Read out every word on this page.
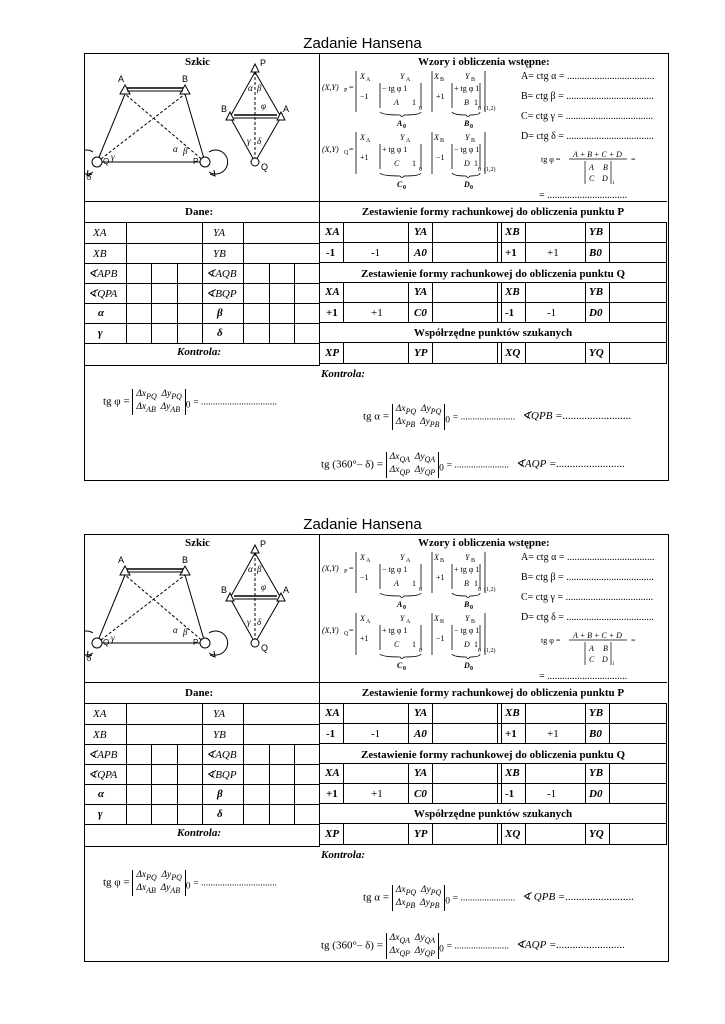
Zadanie Hansena
Szkic
A	B
Q	P
γ
α β
δ
P
B	A
Q
α β
φ
γ δ
Wzory i obliczenia wstępne:
(X,Y) P =
(X,Y) Q =
X A	Y A	X B	Y B
−1
− tg φ 1
A 1
0
+1
+ tg φ 1
B 1
0 (1,2)
A 0	B 0
X A	Y A	X B	Y B
+1
+ tg φ 1
C 1
0
−1
− tg φ 1
D 1
0 (1,2)
C 0	D 0
A= ctg α = ...................................
B= ctg β = ...................................
C= ctg γ = ...................................
D= ctg δ = ...................................
tg φ =
A + B + C + D
A B
C D
1
=
= ................................
Dane:
XA	YA
XB	YB
∢APB	∢AQB
∢QPA	∢BQP
α	β
γ	δ
Zestawienie formy rachunkowej do obliczenia punktu P
Zestawienie formy rachunkowej do obliczenia punktu Q
Współrzędne punktów szukanych
XA	YA	XB	YB
-1	-1	A0	+1	+1	B0
XA	YA	XB	YB
+1	+1	C0	-1	-1	D0
XP	YP	XQ	YQ
Kontrola:
tg $\varphi = \Delta x_{PQ}$  $\Delta y_{PQ}$
$\Delta x_{AB}$  $\Delta y_{AB}$ $_0$ = ................................
Kontrola:
tg $\alpha = \Delta x_{PQ}$  $\Delta y_{PQ}$
$\Delta x_{PB}$  $\Delta y_{PB}$ $_0$ = ....................... ∢QPB =.........................
tg (360°– $\delta) = \Delta x_{QA}$  $\Delta y_{QA}$
$\Delta x_{QP}$  $\Delta y_{QP}$ $_0$ = ....................... ∢AQP =.........................
Zadanie Hansena
Szkic
A	B
Q	P
γ
α β
δ
P
B	A
Q
α β
φ
γ δ
Wzory i obliczenia wstępne:
(X,Y) P =
(X,Y) Q =
X A	Y A	X B	Y B
−1
− tg φ 1
A 1
0
+1
+ tg φ 1
B 1
0 (1,2)
A 0	B 0
X A	Y A	X B	Y B
+1
+ tg φ 1
C 1
0
−1
− tg φ 1
D 1
0 (1,2)
C 0	D 0
A= ctg α = ...................................
B= ctg β = ...................................
C= ctg γ = ...................................
D= ctg δ = ...................................
tg φ =
A + B + C + D
A B
C D
1
=
= ................................
Dane:
XA	YA
XB	YB
∢APB	∢AQB
∢QPA	∢BQP
α	β
γ	δ
Zestawienie formy rachunkowej do obliczenia punktu P
Zestawienie formy rachunkowej do obliczenia punktu Q
Współrzędne punktów szukanych
XA	YA	XB	YB
-1	-1	A0	+1	+1	B0
XA	YA	XB	YB
+1	+1	C0	-1	-1	D0
XP	YP	XQ	YQ
Kontrola:
tg $\varphi = \Delta x_{PQ}$  $\Delta y_{PQ}$
$\Delta x_{AB}$  $\Delta y_{AB}$ $_0$ = ................................
Kontrola:
tg $\alpha = \Delta x_{PQ}$  $\Delta y_{PQ}$
$\Delta x_{PB}$  $\Delta y_{PB}$ $_0$ = ....................... ∢ QPB =.........................
tg (360°– $\delta) = \Delta x_{QA}$  $\Delta y_{QA}$
$\Delta x_{QP}$  $\Delta y_{QP}$ $_0$ = ....................... ∢AQP =.........................
